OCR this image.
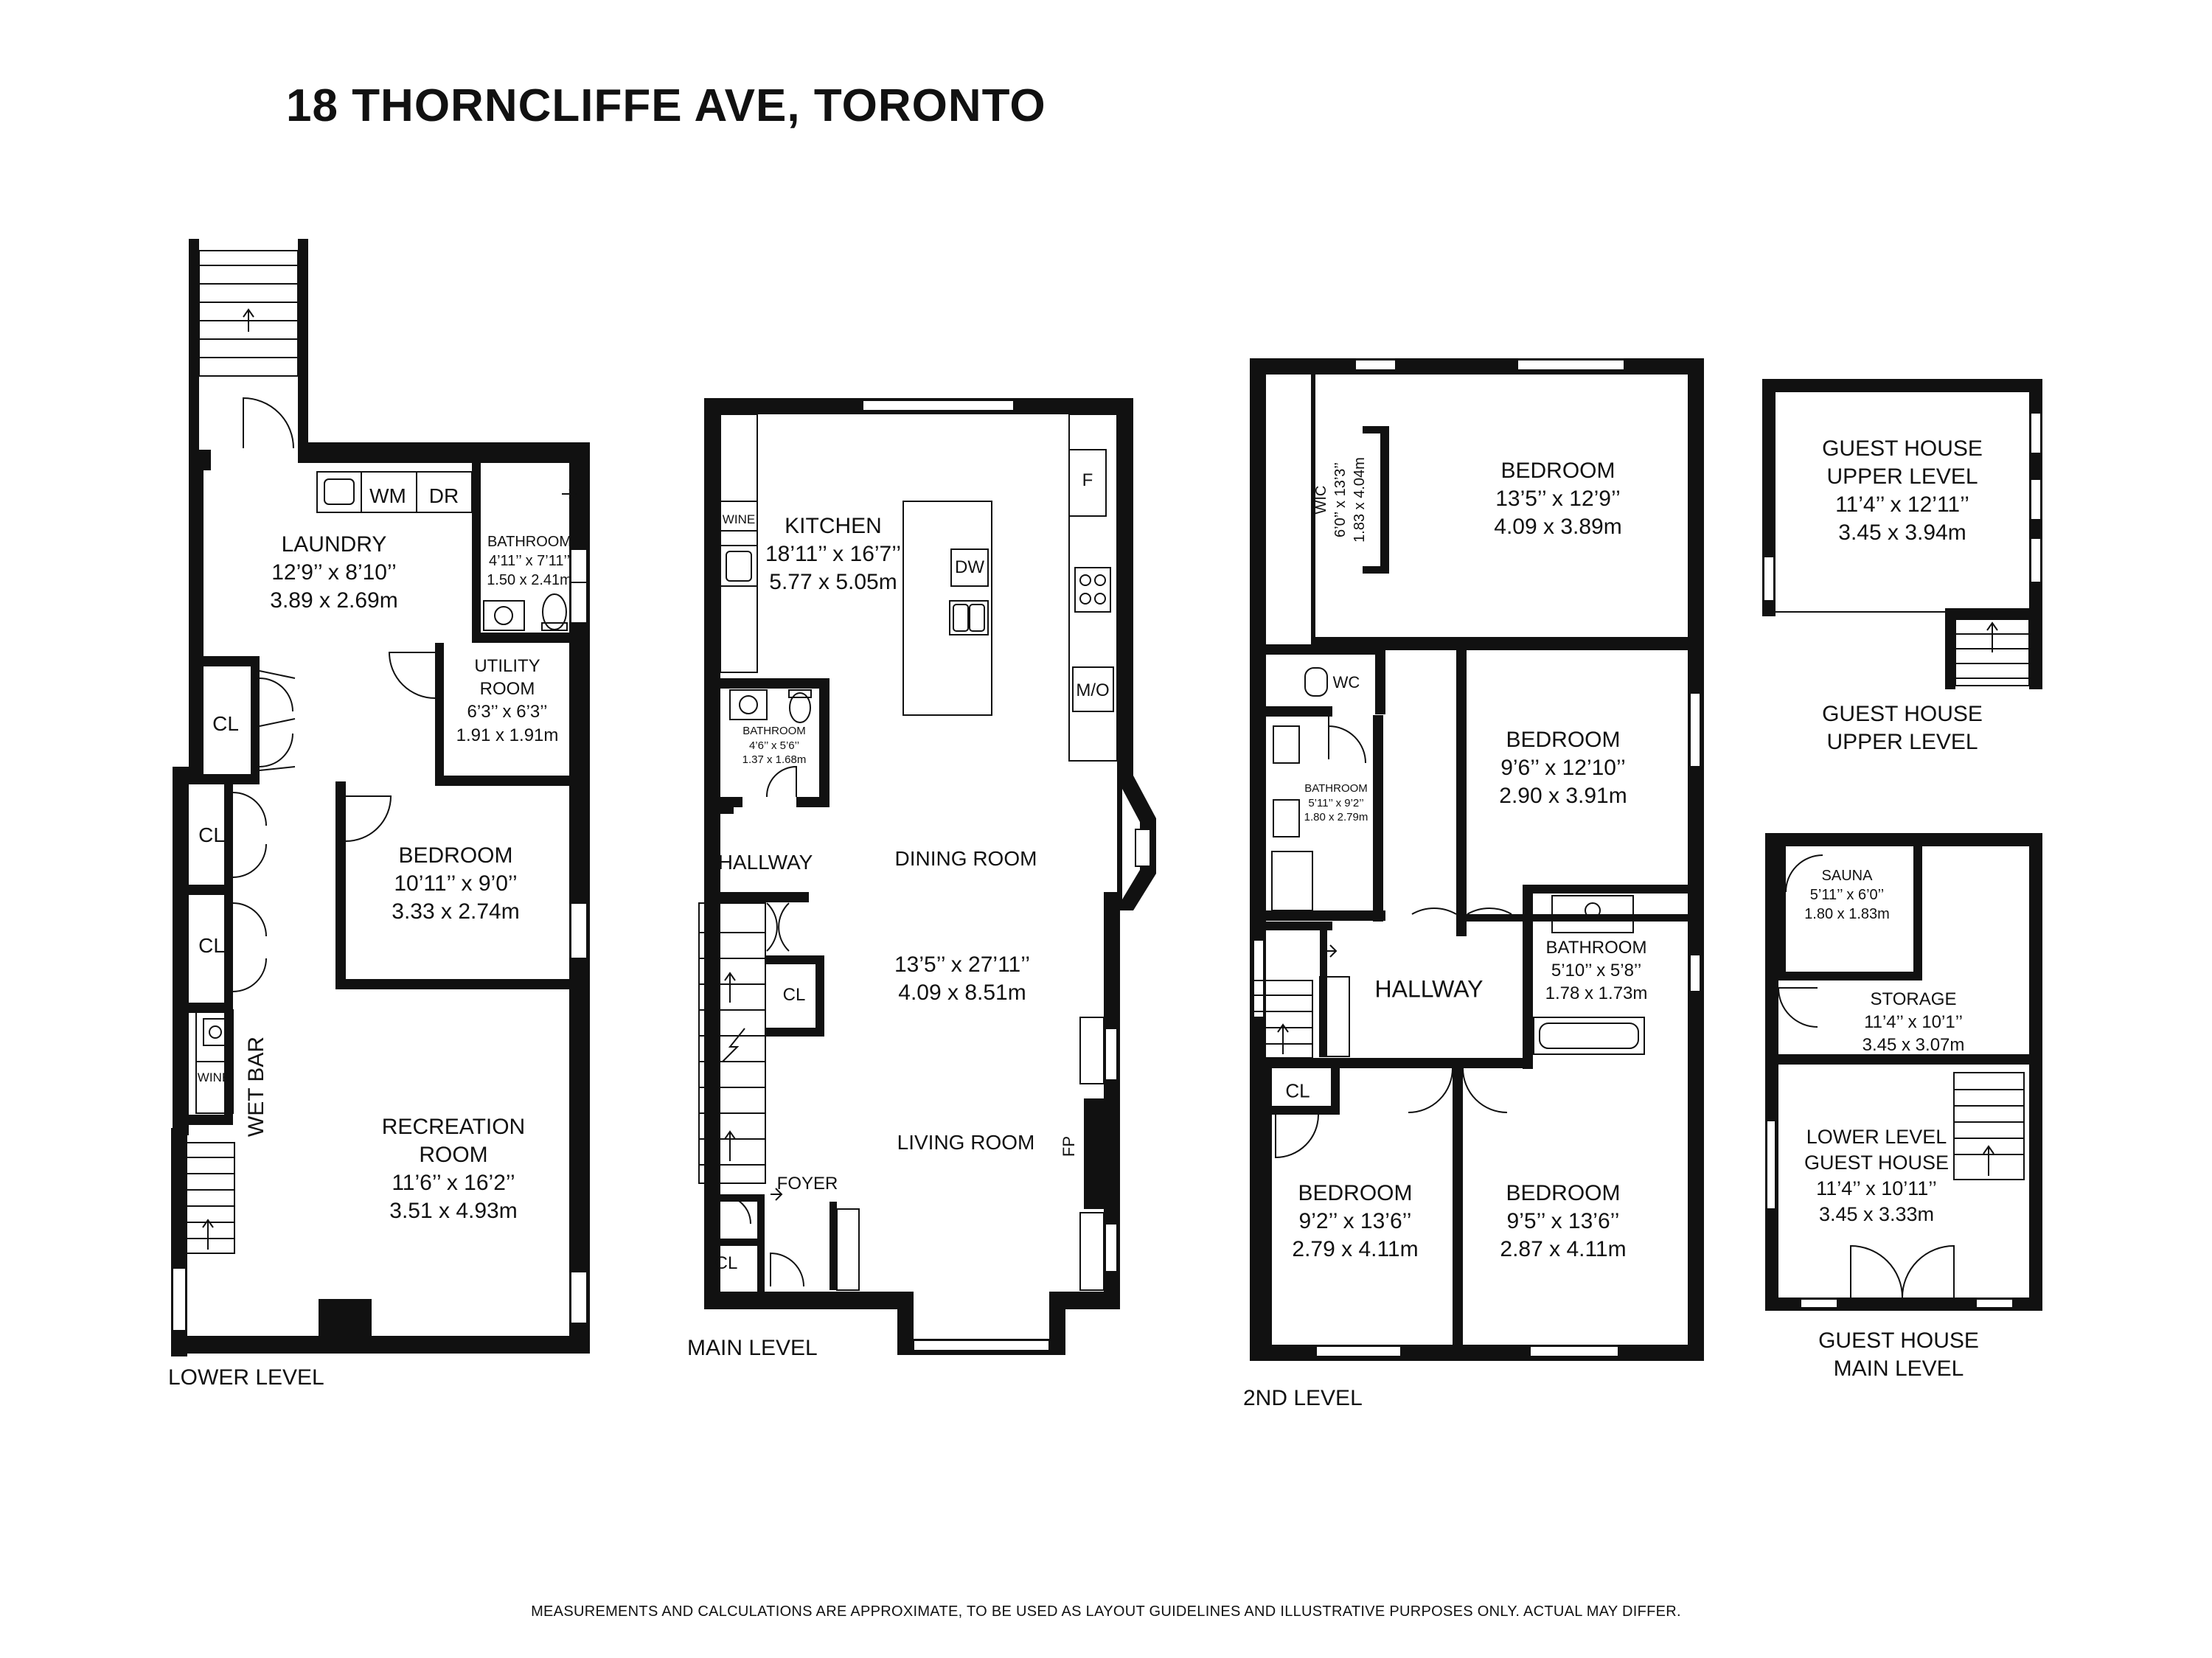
18 THORNCLIFFE AVE, TORONTO
MEASUREMENTS AND CALCULATIONS ARE APPROXIMATE, TO BE USED AS LAYOUT GUIDELINES AND ILLUSTRATIVE PURPOSES ONLY. ACTUAL MAY DIFFER.
LOWER LEVEL
MAIN LEVEL
2ND LEVEL
GUEST HOUSE
UPPER LEVEL
GUEST HOUSE
MAIN LEVEL
LAUNDRY
12’9’’ x 8’10’’
3.89 x 2.69m
BATHROOM
4’11’’ x 7’11’’
1.50 x 2.41m
UTILITY
ROOM
6’3’’ x 6’3’’
1.91 x 1.91m
BEDROOM
10’11’’ x 9’0’’
3.33 x 2.74m
RECREATION
ROOM
11’6’’ x 16’2’’
3.51 x 4.93m
WM DR
CL
CL
CL
WET BAR
WINE
KITCHEN
18’11’’ x 16’7’’
5.77 x 5.05m
BATHROOM
4’6’’ x 5’6’’
1.37 x 1.68m
HALLWAY	DINING ROOM
13’5’’ x 27’11’’
4.09 x 8.51m
LIVING ROOM
FOYER
FP
WINE
DW
F
M/O
CL
CL
BEDROOM
13’5’’ x 12’9’’
4.09 x 3.89m
WIC 6’0’’ x 13’3’’ 1.83 x 4.04m
WC
BATHROOM
5’11’’ x 9’2’’
1.80 x 2.79m
BEDROOM
9’6’’ x 12’10’’
2.90 x 3.91m
HALLWAY
BATHROOM
5’10’’ x 5’8’’
1.78 x 1.73m
CL
BEDROOM
9’2’’ x 13’6’’
2.79 x 4.11m
BEDROOM
9’5’’ x 13’6’’
2.87 x 4.11m
GUEST HOUSE
UPPER LEVEL
11’4’’ x 12’11’’
3.45 x 3.94m
SAUNA
5’11’’ x 6’0’’
1.80 x 1.83m
STORAGE
11’4’’ x 10’1’’
3.45 x 3.07m
LOWER LEVEL
GUEST HOUSE
11’4’’ x 10’11’’
3.45 x 3.33m
